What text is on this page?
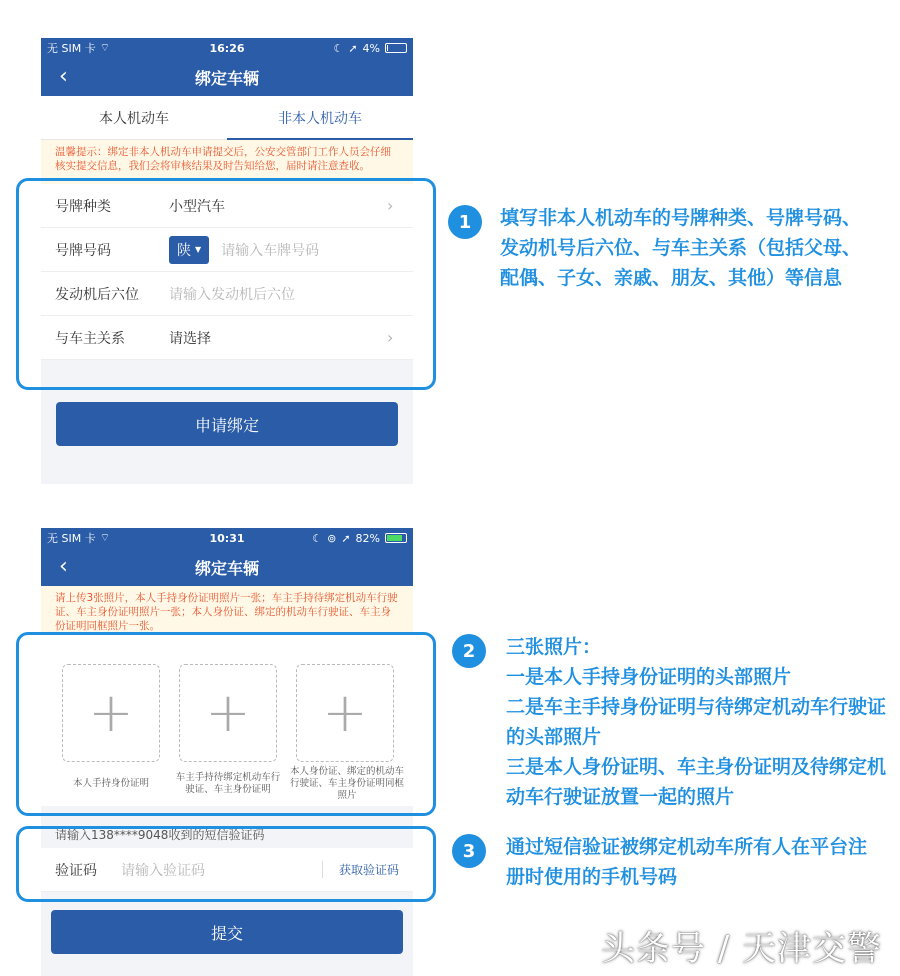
无 SIM 卡 ⌔	16:26	☾ ➚ 4%
‹	绑定车辆
本人机动车	非本人机动车
温馨提示：绑定非本人机动车申请提交后，公安交管部门工作人员会仔细核实提交信息，我们会将审核结果及时告知给您，届时请注意查收。
号牌种类	小型汽车	›
号牌号码	陕 ▼ 请输入车牌号码
发动机后六位	请输入发动机后六位
与车主关系	请选择	›
申请绑定
无 SIM 卡 ⌔	10:31	☾ ⊚ ➚ 82%
‹	绑定车辆
请上传3张照片，本人手持身份证明照片一张；车主手持待绑定机动车行驶证、车主身份证明照片一张；本人身份证、绑定的机动车行驶证、车主身份证明同框照片一张。
+ + +
本人手持身份证明
车主手持待绑定机动车行驶证、车主身份证明
本人身份证、绑定的机动车行驶证、车主身份证明同框照片
请输入138****9048收到的短信验证码
验证码	请输入验证码	获取验证码
提交
1	填写非本人机动车的号牌种类、号牌号码、发动机号后六位、与车主关系（包括父母、配偶、子女、亲戚、朋友、其他）等信息
2	三张照片：
一是本人手持身份证明的头部照片
二是车主手持身份证明与待绑定机动车行驶证的头部照片
三是本人身份证明、车主身份证明及待绑定机动车行驶证放置一起的照片
3	通过短信验证被绑定机动车所有人在平台注册时使用的手机号码
头条号 / 天津交警
